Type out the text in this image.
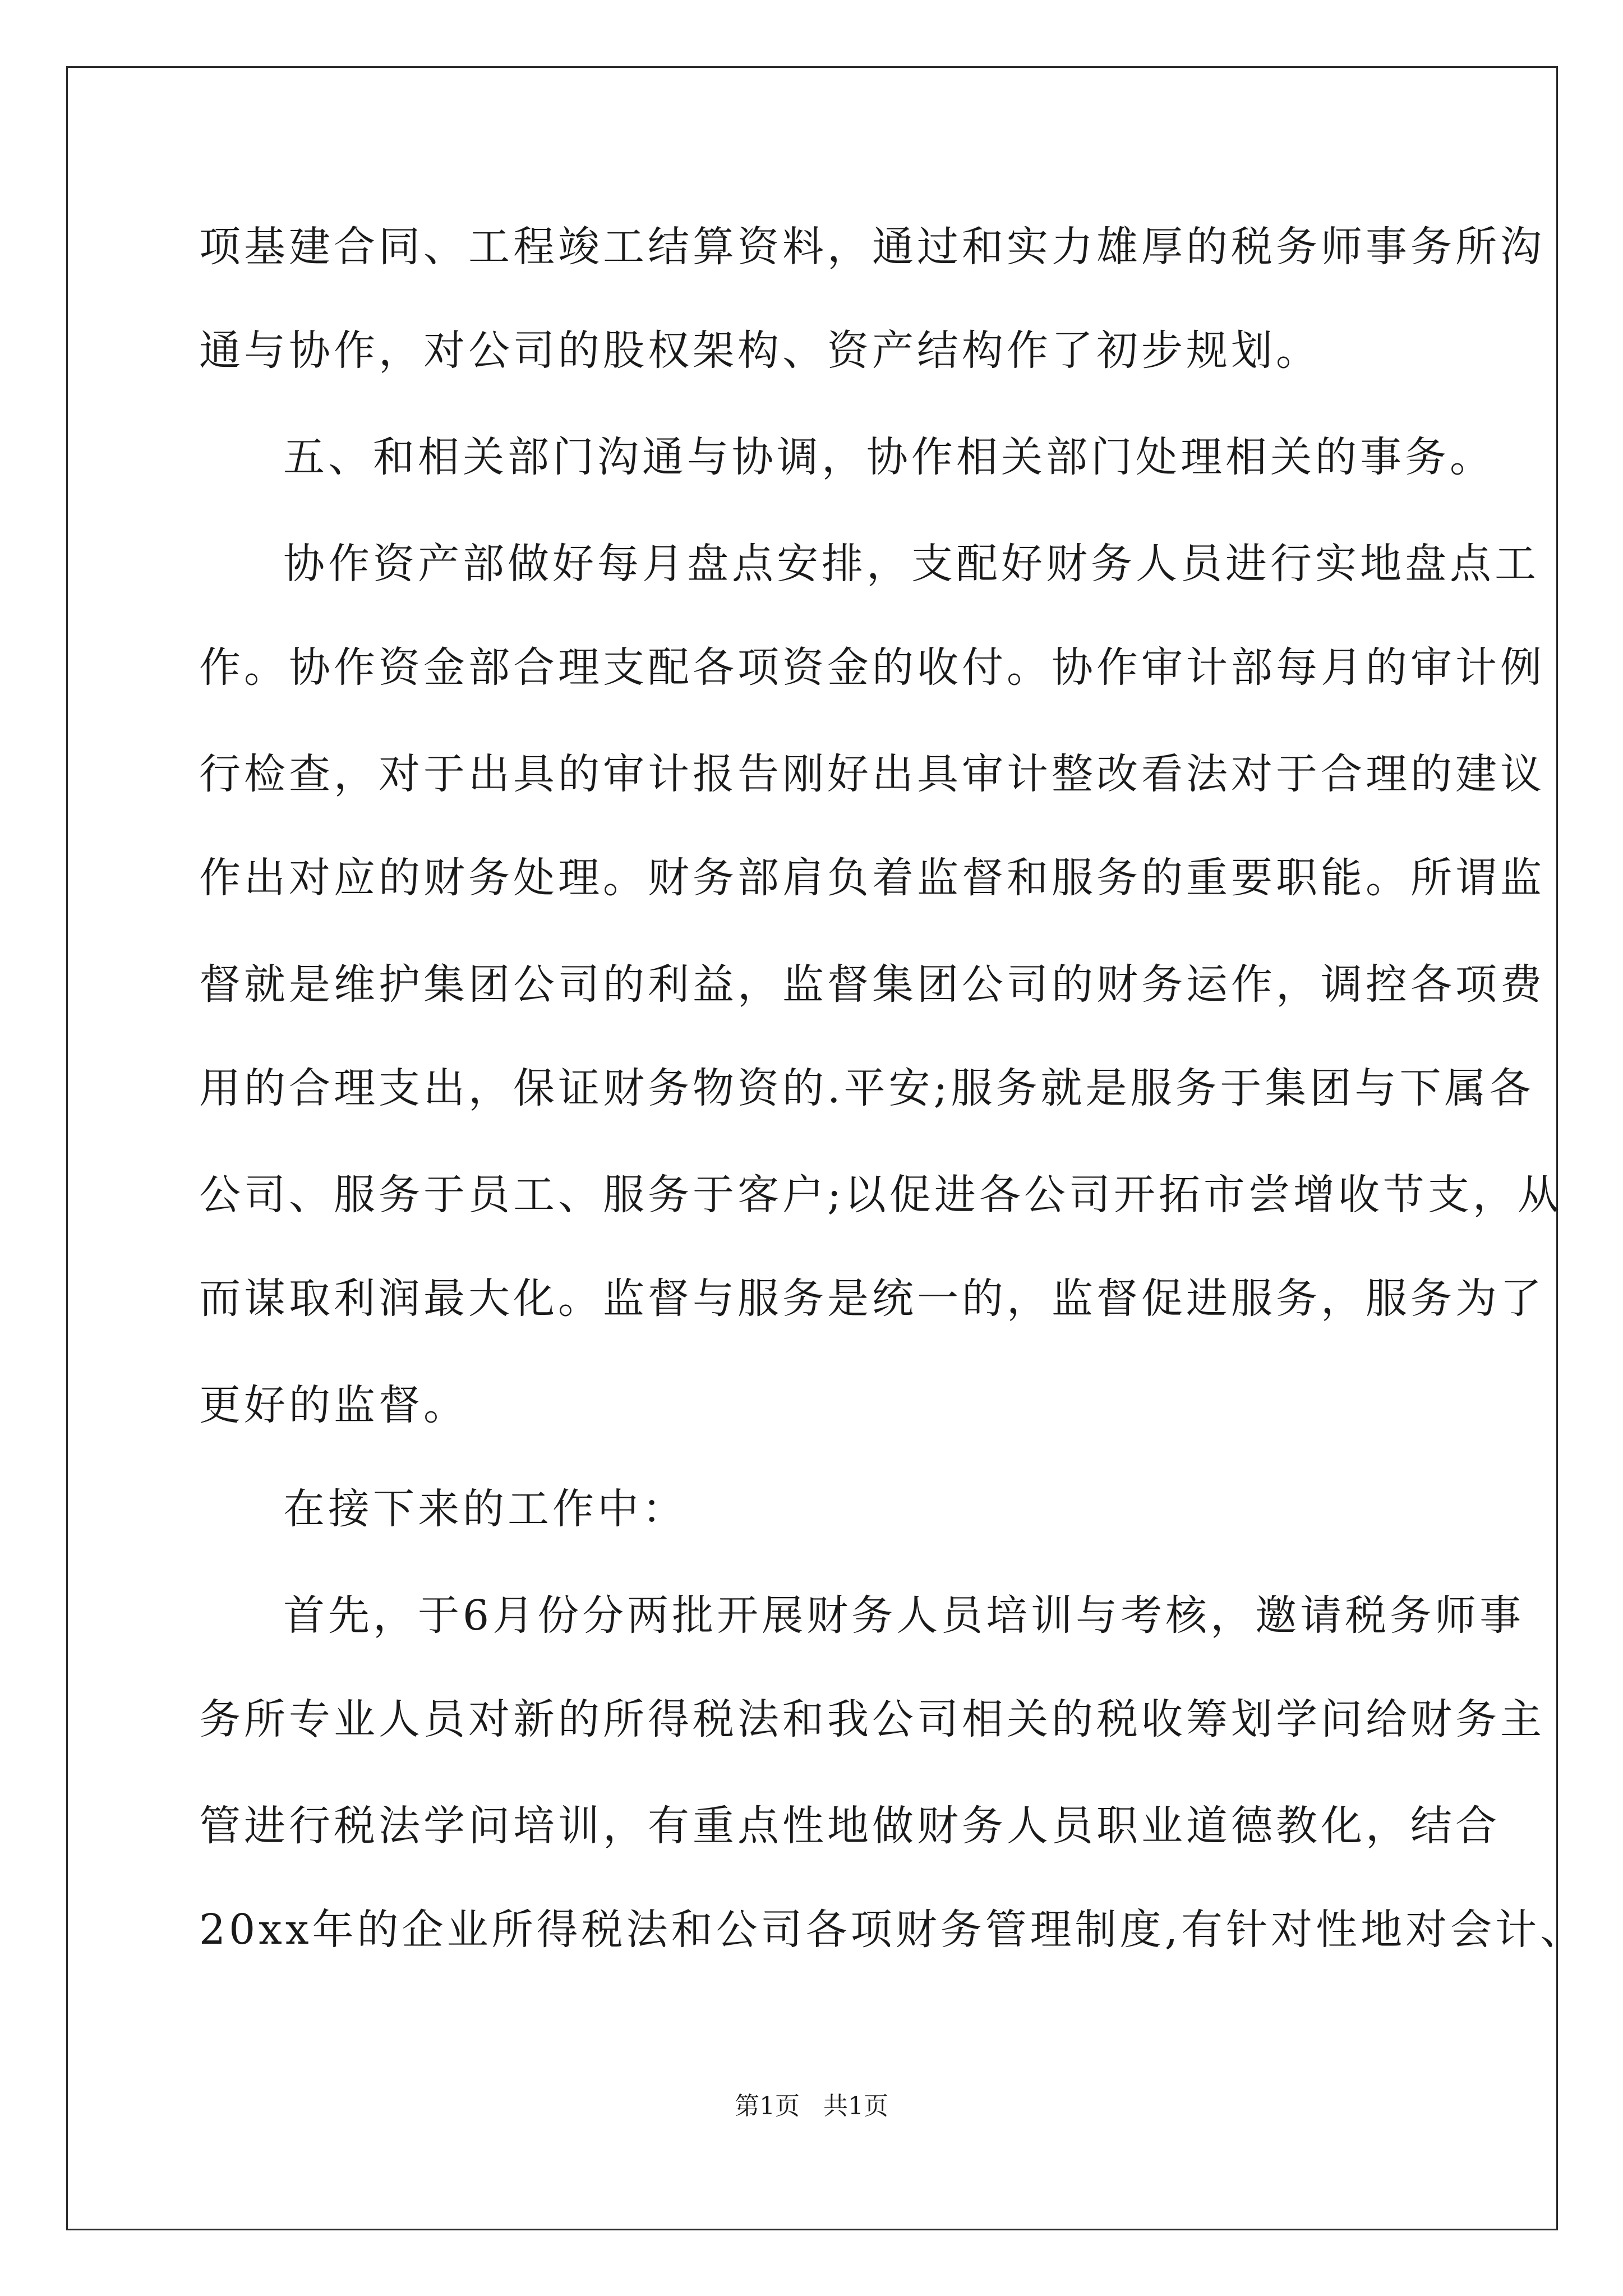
项基建合同、工程竣工结算资料，通过和实力雄厚的税务师事务所沟
通与协作，对公司的股权架构、资产结构作了初步规划。
五、和相关部门沟通与协调，协作相关部门处理相关的事务。
协作资产部做好每月盘点安排，支配好财务人员进行实地盘点工
作。协作资金部合理支配各项资金的收付。协作审计部每月的审计例
行检查，对于出具的审计报告刚好出具审计整改看法对于合理的建议
作出对应的财务处理。财务部肩负着监督和服务的重要职能。所谓监
督就是维护集团公司的利益，监督集团公司的财务运作，调控各项费
用的合理支出，保证财务物资的.平安;服务就是服务于集团与下属各
公司、服务于员工、服务于客户;以促进各公司开拓市尝增收节支，从
而谋取利润最大化。监督与服务是统一的，监督促进服务，服务为了
更好的监督。
在接下来的工作中：
首先，于6月份分两批开展财务人员培训与考核，邀请税务师事
务所专业人员对新的所得税法和我公司相关的税收筹划学问给财务主
管进行税法学问培训，有重点性地做财务人员职业道德教化，结合
20xx年的企业所得税法和公司各项财务管理制度,有针对性地对会计、
第1页 共1页
